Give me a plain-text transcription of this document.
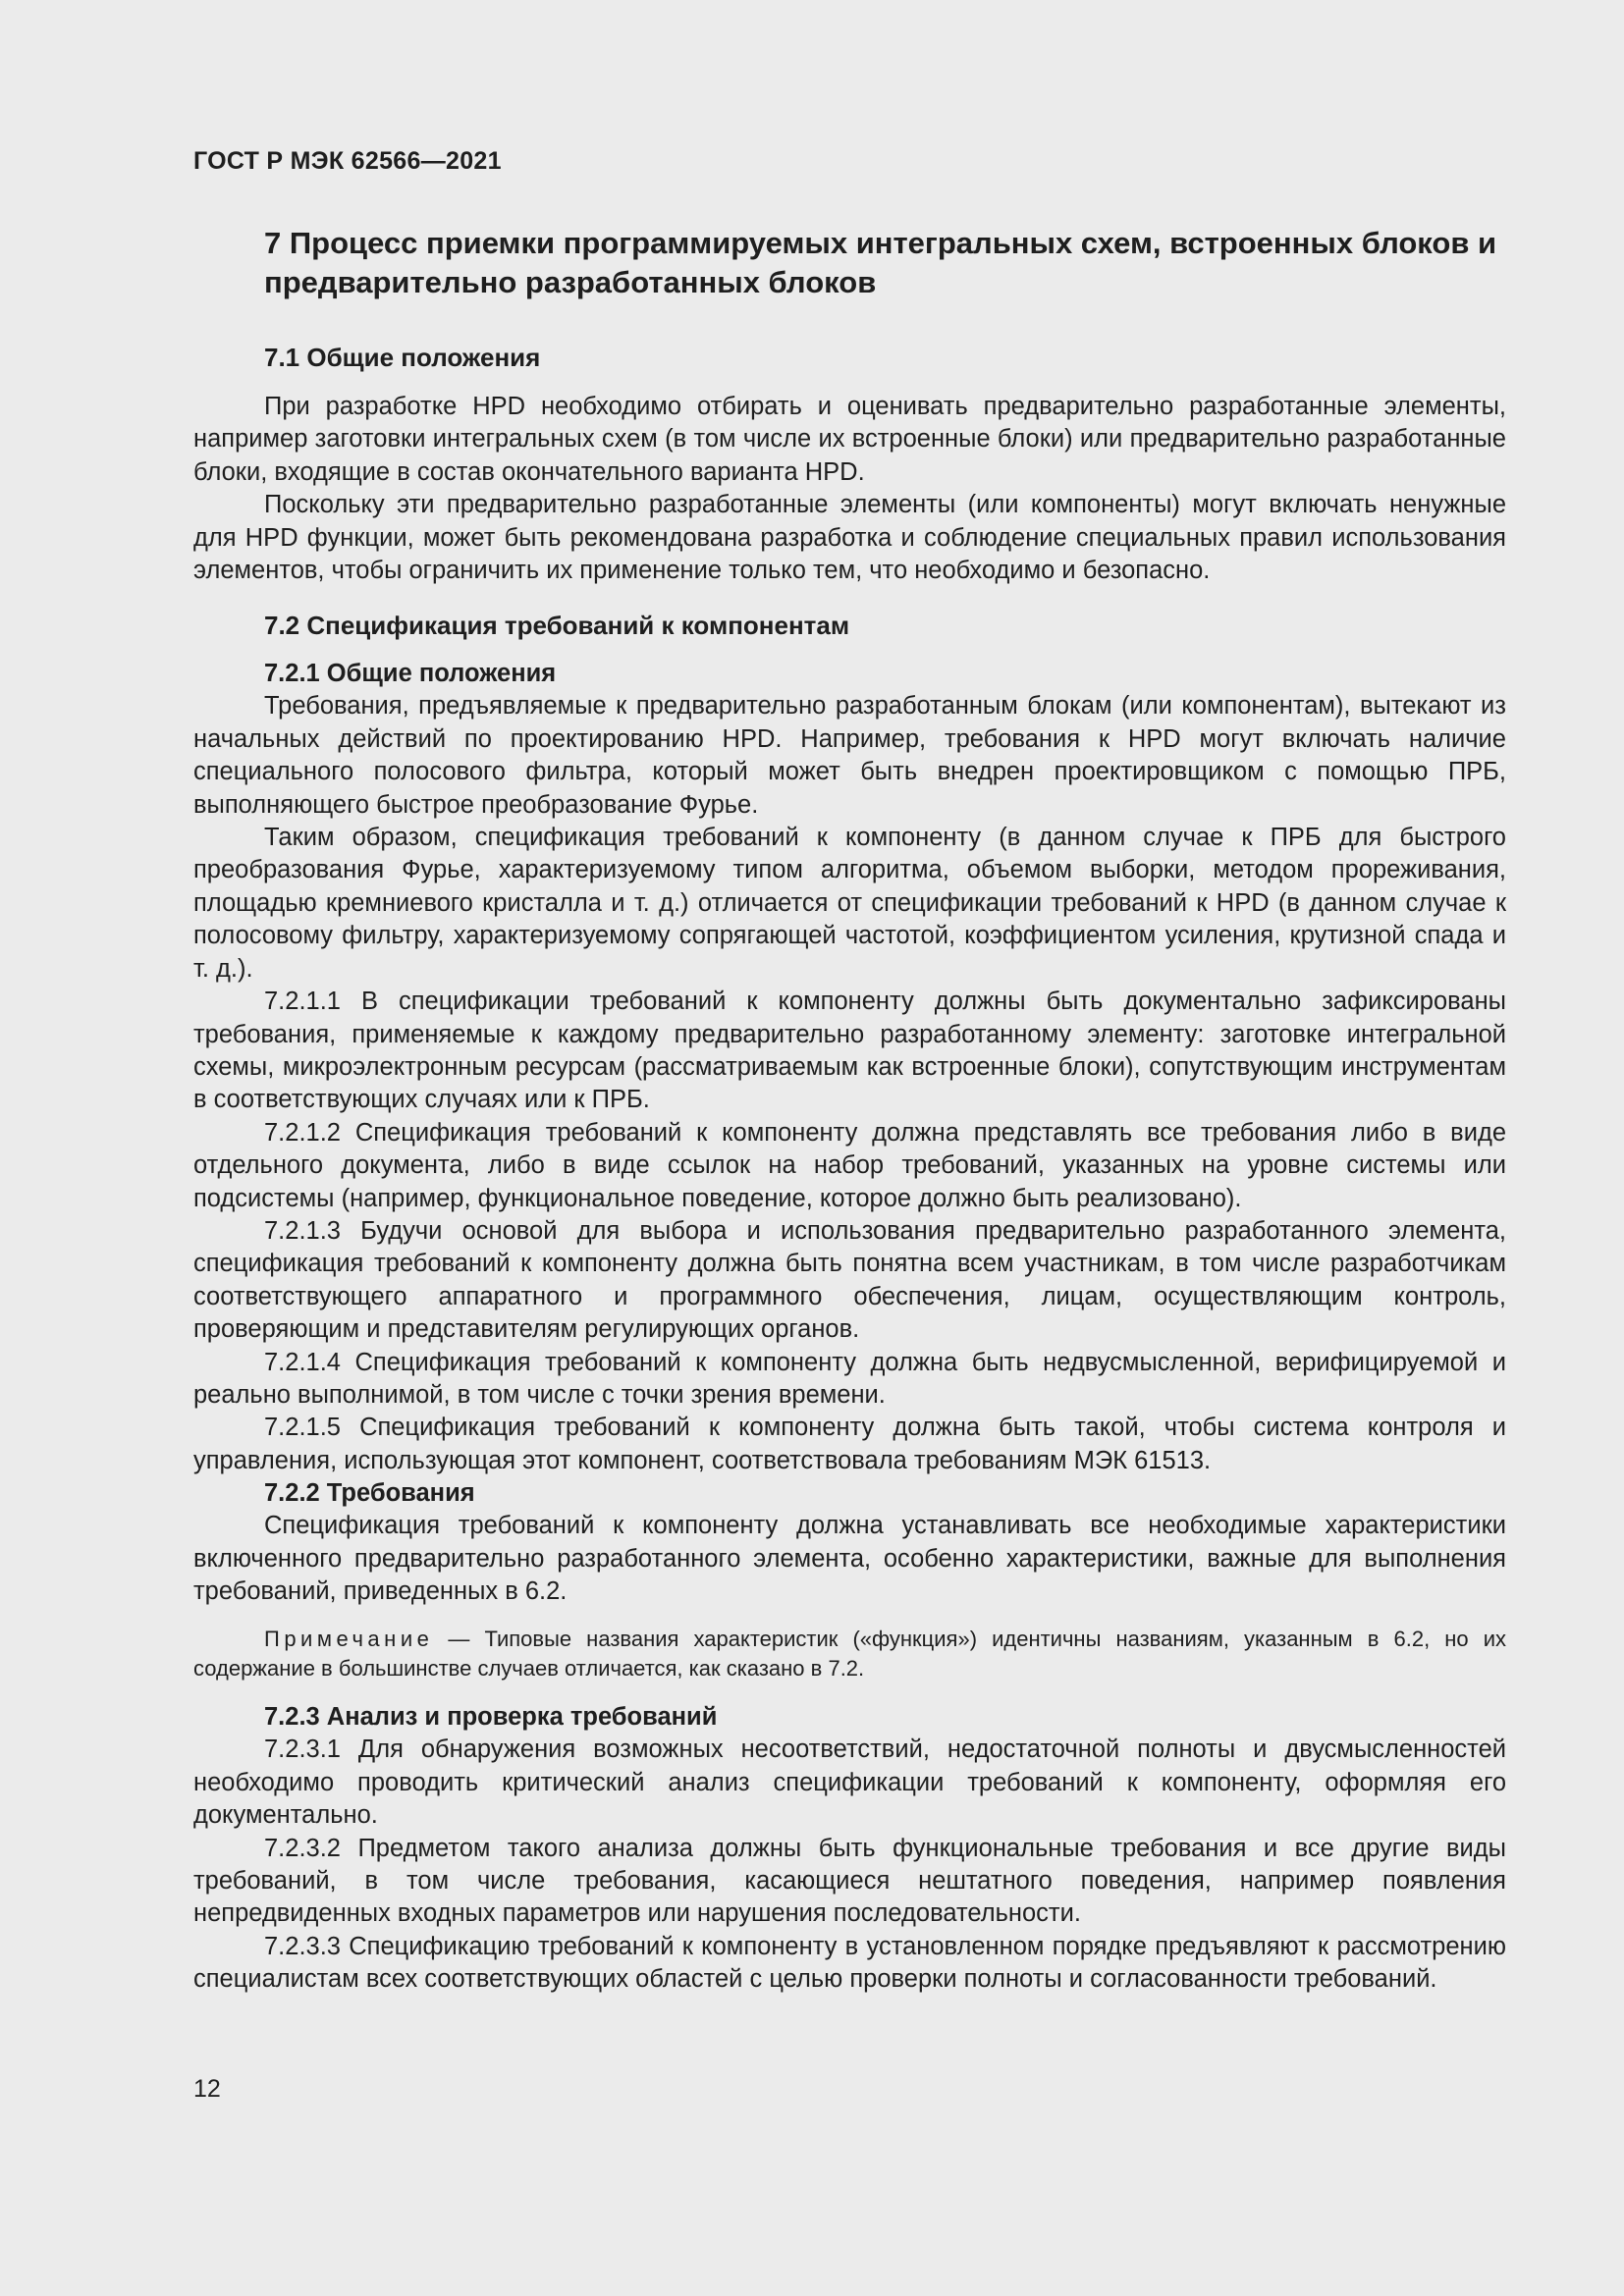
ГОСТ Р МЭК 62566—2021
7 Процесс приемки программируемых интегральных схем, встроенных блоков и предварительно разработанных блоков
7.1 Общие положения

При разработке HPD необходимо отбирать и оценивать предварительно разработанные элементы, например заготовки интегральных схем (в том числе их встроенные блоки) или предварительно разработанные блоки, входящие в состав окончательного варианта HPD.

Поскольку эти предварительно разработанные элементы (или компоненты) могут включать ненужные для HPD функции, может быть рекомендована разработка и соблюдение специальных правил использования элементов, чтобы ограничить их применение только тем, что необходимо и безопасно.

7.2 Спецификация требований к компонентам
7.2.1 Общие положения

Требования, предъявляемые к предварительно разработанным блокам (или компонентам), вытекают из начальных действий по проектированию HPD. Например, требования к HPD могут включать наличие специального полосового фильтра, который может быть внедрен проектировщиком с помощью ПРБ, выполняющего быстрое преобразование Фурье.

Таким образом, спецификация требований к компоненту (в данном случае к ПРБ для быстрого преобразования Фурье, характеризуемому типом алгоритма, объемом выборки, методом прореживания, площадью кремниевого кристалла и т. д.) отличается от спецификации требований к HPD (в данном случае к полосовому фильтру, характеризуемому сопрягающей частотой, коэффициентом усиления, крутизной спада и т. д.).

7.2.1.1 В спецификации требований к компоненту должны быть документально зафиксированы требования, применяемые к каждому предварительно разработанному элементу: заготовке интегральной схемы, микроэлектронным ресурсам (рассматриваемым как встроенные блоки), сопутствующим инструментам в соответствующих случаях или к ПРБ.

7.2.1.2 Спецификация требований к компоненту должна представлять все требования либо в виде отдельного документа, либо в виде ссылок на набор требований, указанных на уровне системы или подсистемы (например, функциональное поведение, которое должно быть реализовано).

7.2.1.3 Будучи основой для выбора и использования предварительно разработанного элемента, спецификация требований к компоненту должна быть понятна всем участникам, в том числе разработчикам соответствующего аппаратного и программного обеспечения, лицам, осуществляющим контроль, проверяющим и представителям регулирующих органов.

7.2.1.4 Спецификация требований к компоненту должна быть недвусмысленной, верифицируемой и реально выполнимой, в том числе с точки зрения времени.

7.2.1.5 Спецификация требований к компоненту должна быть такой, чтобы система контроля и управления, использующая этот компонент, соответствовала требованиям МЭК 61513.

7.2.2 Требования

Спецификация требований к компоненту должна устанавливать все необходимые характеристики включенного предварительно разработанного элемента, особенно характеристики, важные для выполнения требований, приведенных в 6.2.

Примечание — Типовые названия характеристик («функция») идентичны названиям, указанным в 6.2, но их содержание в большинстве случаев отличается, как сказано в 7.2.
7.2.3 Анализ и проверка требований

7.2.3.1 Для обнаружения возможных несоответствий, недостаточной полноты и двусмысленностей необходимо проводить критический анализ спецификации требований к компоненту, оформляя его документально.

7.2.3.2 Предметом такого анализа должны быть функциональные требования и все другие виды требований, в том числе требования, касающиеся нештатного поведения, например появления непредвиденных входных параметров или нарушения последовательности.

7.2.3.3 Спецификацию требований к компоненту в установленном порядке предъявляют к рассмотрению специалистам всех соответствующих областей с целью проверки полноты и согласованности требований.

12
